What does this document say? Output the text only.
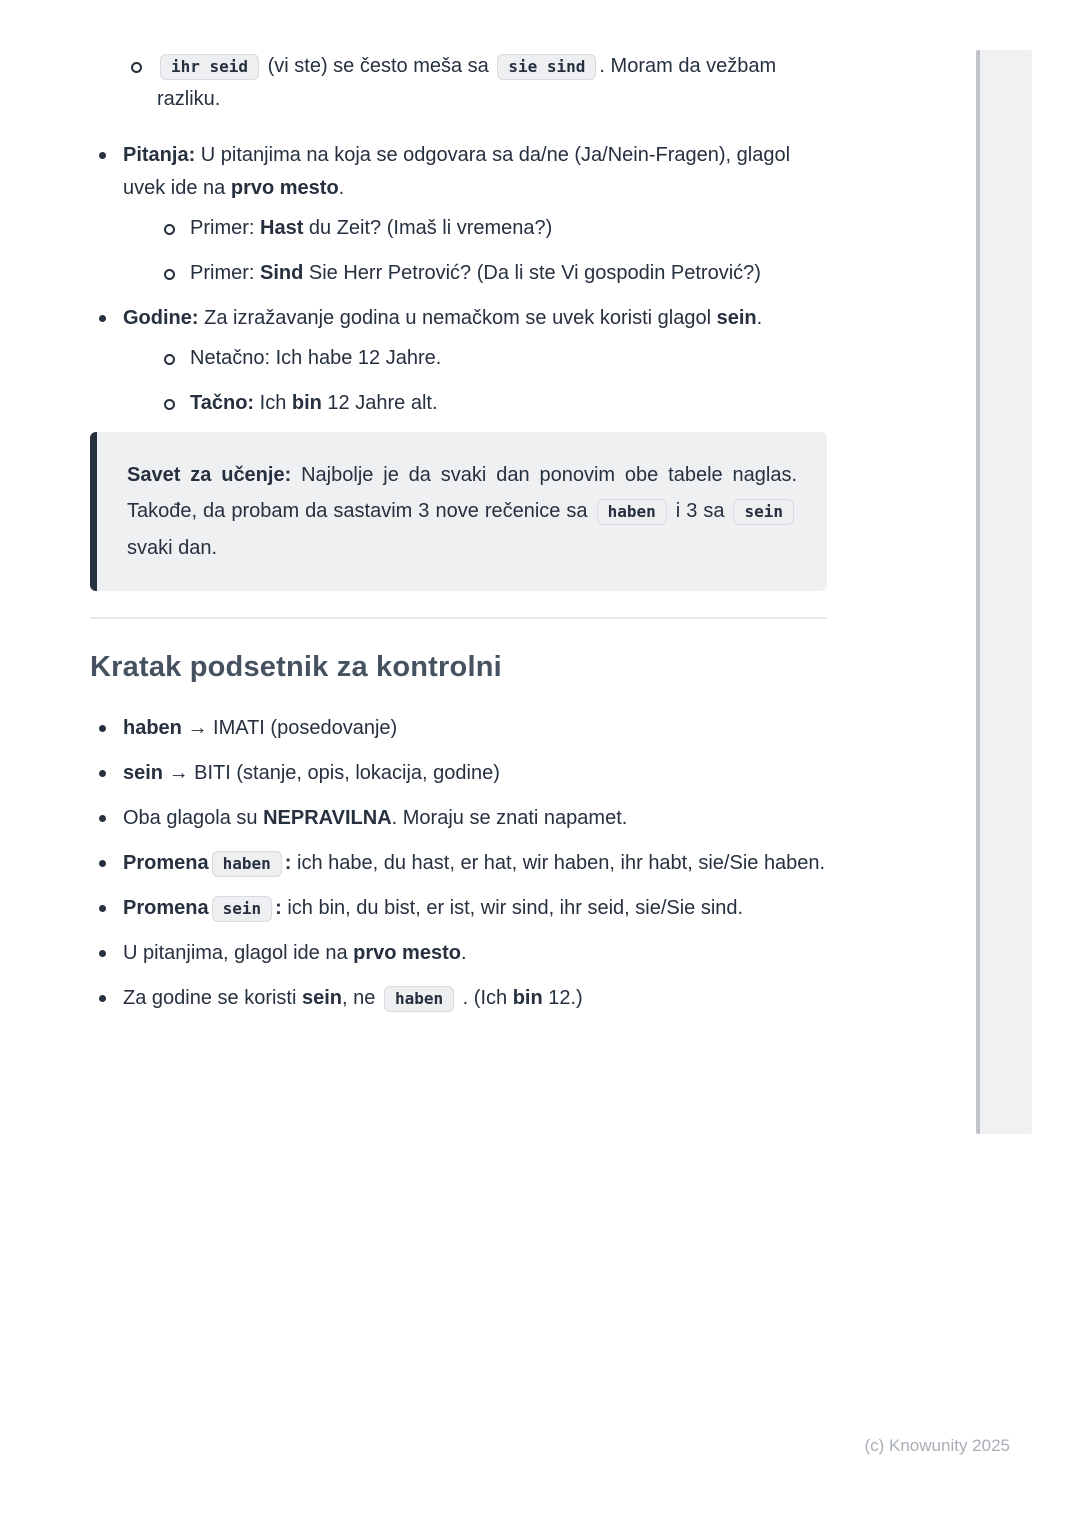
ihr seid (vi ste) se često meša sa sie sind . Moram da vežbam razliku.
Pitanja: U pitanjima na koja se odgovara sa da/ne (Ja/Nein-Fragen), glagol uvek ide na prvo mesto.
Primer: Hast du Zeit? (Imaš li vremena?)
Primer: Sind Sie Herr Petrović? (Da li ste Vi gospodin Petrović?)
Godine: Za izražavanje godina u nemačkom se uvek koristi glagol sein.
Netačno: Ich habe 12 Jahre.
Tačno: Ich bin 12 Jahre alt.

Savet za učenje: Najbolje je da svaki dan ponovim obe tabele naglas. Takođe, da probam da sastavim 3 nove rečenice sa haben i 3 sa sein svaki dan.

Kratak podsetnik za kontrolni
haben → IMATI (posedovanje)
sein → BITI (stanje, opis, lokacija, godine)
Oba glagola su NEPRAVILNA. Moraju se znati napamet.
Promena haben : ich habe, du hast, er hat, wir haben, ihr habt, sie/Sie haben.
Promena sein : ich bin, du bist, er ist, wir sind, ihr seid, sie/Sie sind.
U pitanjima, glagol ide na prvo mesto.
Za godine se koristi sein, ne haben . (Ich bin 12.)
(c) Knowunity 2025
